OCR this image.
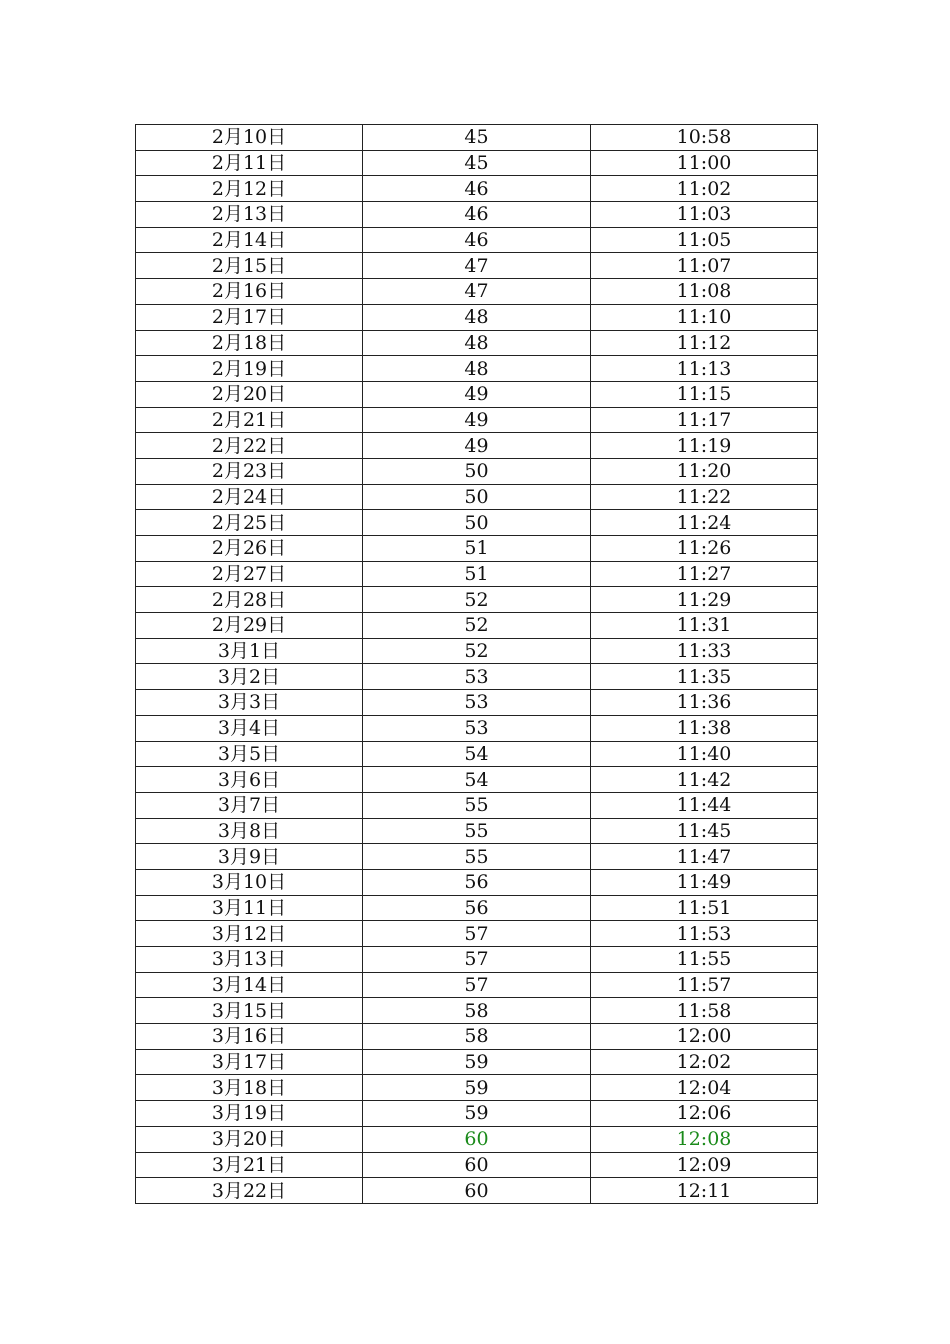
2月10日	45	10:58
2月11日	45	11:00
2月12日	46	11:02
2月13日	46	11:03
2月14日	46	11:05
2月15日	47	11:07
2月16日	47	11:08
2月17日	48	11:10
2月18日	48	11:12
2月19日	48	11:13
2月20日	49	11:15
2月21日	49	11:17
2月22日	49	11:19
2月23日	50	11:20
2月24日	50	11:22
2月25日	50	11:24
2月26日	51	11:26
2月27日	51	11:27
2月28日	52	11:29
2月29日	52	11:31
3月1日	52	11:33
3月2日	53	11:35
3月3日	53	11:36
3月4日	53	11:38
3月5日	54	11:40
3月6日	54	11:42
3月7日	55	11:44
3月8日	55	11:45
3月9日	55	11:47
3月10日	56	11:49
3月11日	56	11:51
3月12日	57	11:53
3月13日	57	11:55
3月14日	57	11:57
3月15日	58	11:58
3月16日	58	12:00
3月17日	59	12:02
3月18日	59	12:04
3月19日	59	12:06
3月20日	60	12:08
3月21日	60	12:09
3月22日	60	12:11
